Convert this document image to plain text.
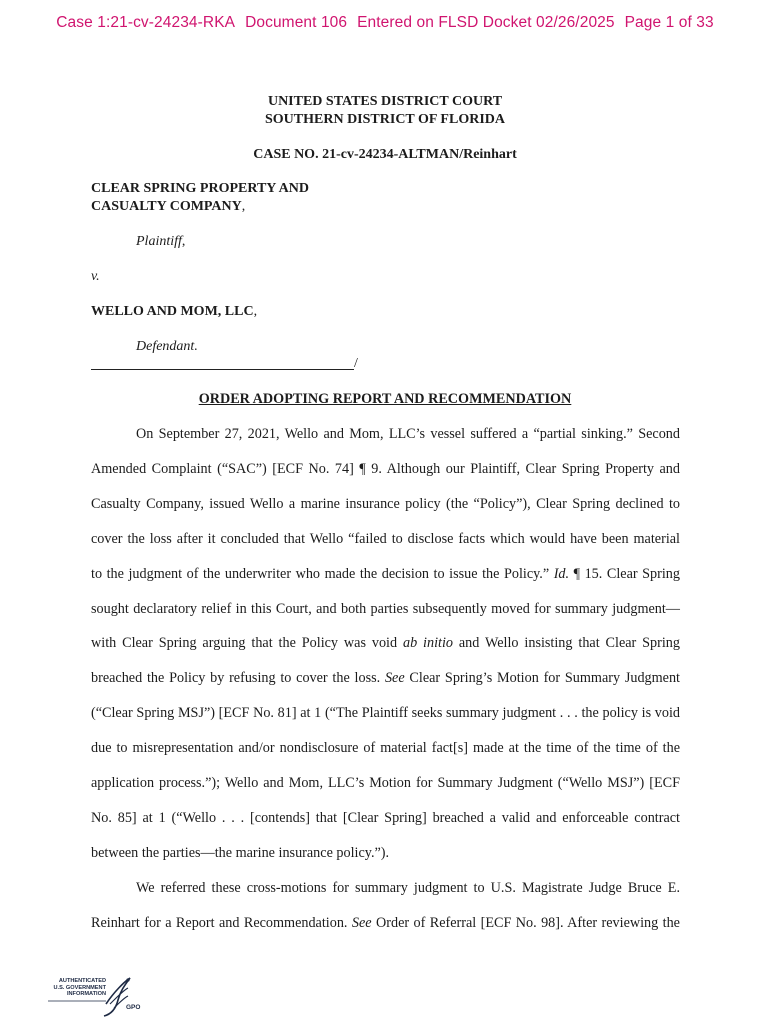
Case 1:21-cv-24234-RKA Document 106 Entered on FLSD Docket 02/26/2025 Page 1 of 33
UNITED STATES DISTRICT COURT
SOUTHERN DISTRICT OF FLORIDA
CASE NO. 21-cv-24234-ALTMAN/Reinhart
CLEAR SPRING PROPERTY AND
CASUALTY COMPANY,
Plaintiff,
v.
WELLO AND MOM, LLC,
Defendant.
/
ORDER ADOPTING REPORT AND RECOMMENDATION
On September 27, 2021, Wello and Mom, LLC’s vessel suffered a “partial sinking.” Second
Amended Complaint (“SAC”) [ECF No. 74] ¶ 9. Although our Plaintiff, Clear Spring Property and
Casualty Company, issued Wello a marine insurance policy (the “Policy”), Clear Spring declined to
cover the loss after it concluded that Wello “failed to disclose facts which would have been material
to the judgment of the underwriter who made the decision to issue the Policy.” Id. ¶ 15. Clear Spring
sought declaratory relief in this Court, and both parties subsequently moved for summary judgment—
with Clear Spring arguing that the Policy was void ab initio and Wello insisting that Clear Spring
breached the Policy by refusing to cover the loss. See Clear Spring’s Motion for Summary Judgment
(“Clear Spring MSJ”) [ECF No. 81] at 1 (“The Plaintiff seeks summary judgment . . . the policy is void
due to misrepresentation and/or nondisclosure of material fact[s] made at the time of the time of the
application process.”); Wello and Mom, LLC’s Motion for Summary Judgment (“Wello MSJ”) [ECF
No. 85] at 1 (“Wello . . . [contends] that [Clear Spring] breached a valid and enforceable contract
between the parties—the marine insurance policy.”).
We referred these cross-motions for summary judgment to U.S. Magistrate Judge Bruce E.
Reinhart for a Report and Recommendation. See Order of Referral [ECF No. 98]. After reviewing the
AUTHENTICATED
U.S. GOVERNMENT
INFORMATION
GPO
